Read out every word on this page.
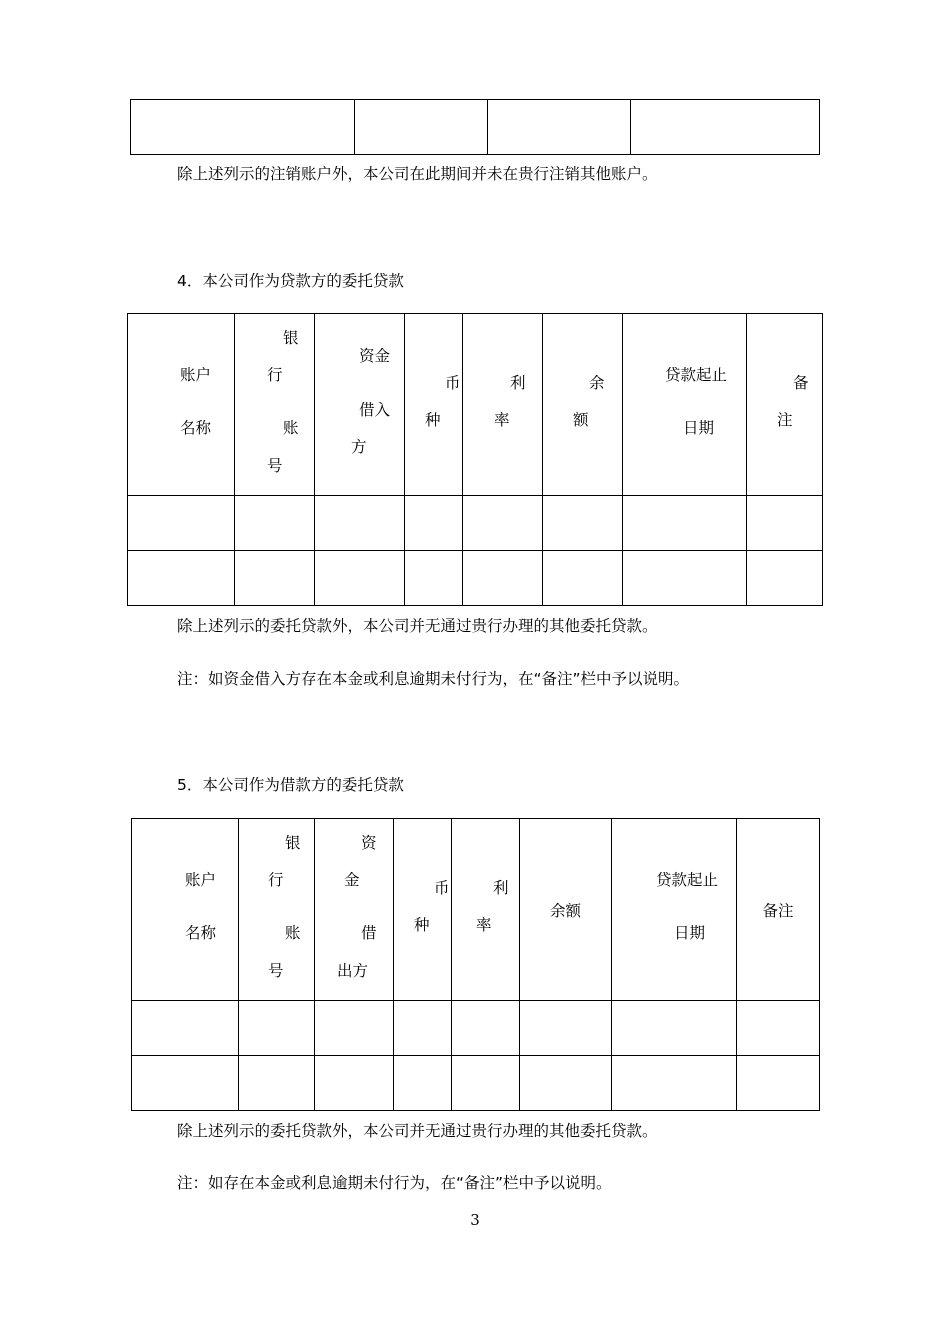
除上述列示的注销账户外，本公司在此期间并未在贵行注销其他账户。
4．本公司作为贷款方的委托贷款
账户
名称	银
行
账
号	资金
借入
方	币
种	利
率	余
额	贷款起止
日期	备
注

除上述列示的委托贷款外，本公司并无通过贵行办理的其他委托贷款。
注：如资金借入方存在本金或利息逾期未付行为，在“备注”栏中予以说明。
5．本公司作为借款方的委托贷款
账户
名称	银
行
账
号	资
金
借
出方	币
种	利
率	余额	贷款起止
日期	备注

除上述列示的委托贷款外，本公司并无通过贵行办理的其他委托贷款。
注：如存在本金或利息逾期未付行为，在“备注”栏中予以说明。
3
